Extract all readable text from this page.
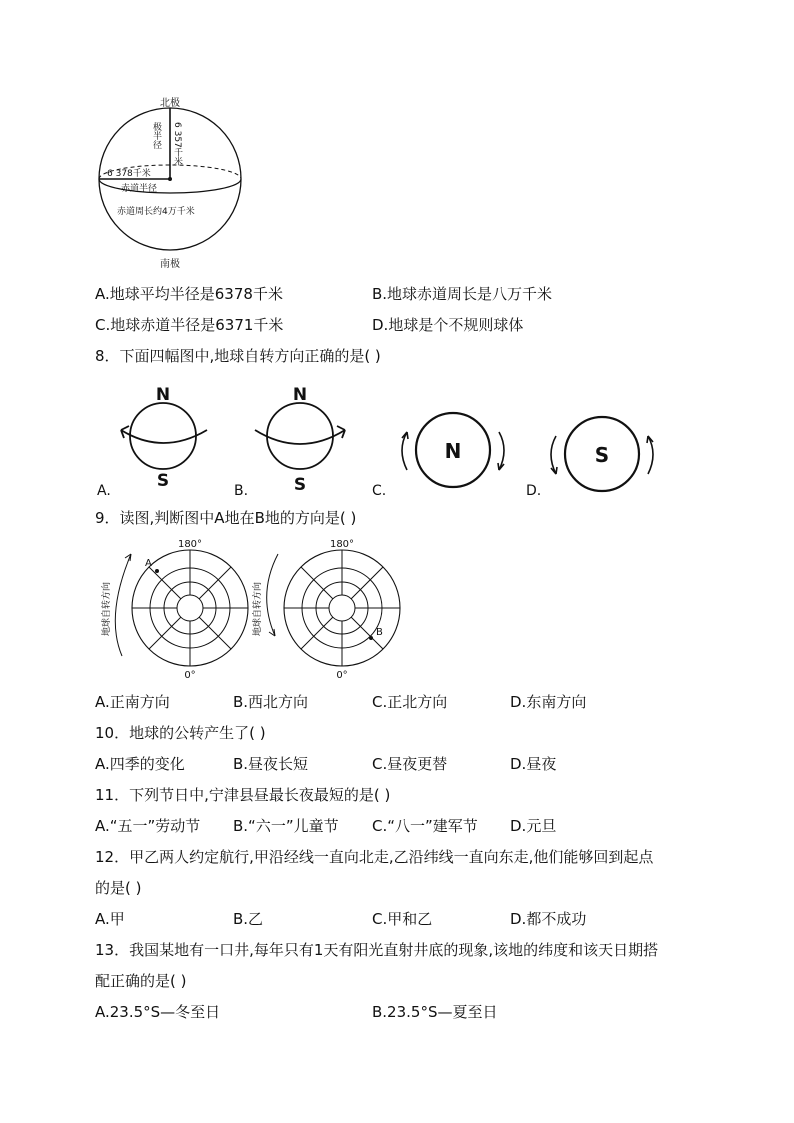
北极
极半径 6 357千米
6 378千米
赤道半径
赤道周长约4万千米
南极
A.地球平均半径是6378千米	B.地球赤道周长是八万千米
C.地球赤道半径是6371千米	D.地球是个不规则球体
8．下面四幅图中,地球自转方向正确的是( )
N
S
A.
N
S
B.
N
C.
S
D.
9．读图,判断图中A地在B地的方向是( )
180°
地球自转方向
A
0°
180°
地球自转方向	B
0°
A.正南方向	B.西北方向	C.正北方向	D.东南方向
10．地球的公转产生了( )
A.四季的变化	B.昼夜长短	C.昼夜更替	D.昼夜
11．下列节日中,宁津县昼最长夜最短的是( )
A.“五一”劳动节 B.“六一”儿童节 C.“八一”建军节 D.元旦
12．甲乙两人约定航行,甲沿经线一直向北走,乙沿纬线一直向东走,他们能够回到起点
的是( )
A.甲	B.乙	C.甲和乙	D.都不成功
13．我国某地有一口井,每年只有1天有阳光直射井底的现象,该地的纬度和该天日期搭
配正确的是( )
A.23.5°S—冬至日	B.23.5°S—夏至日
